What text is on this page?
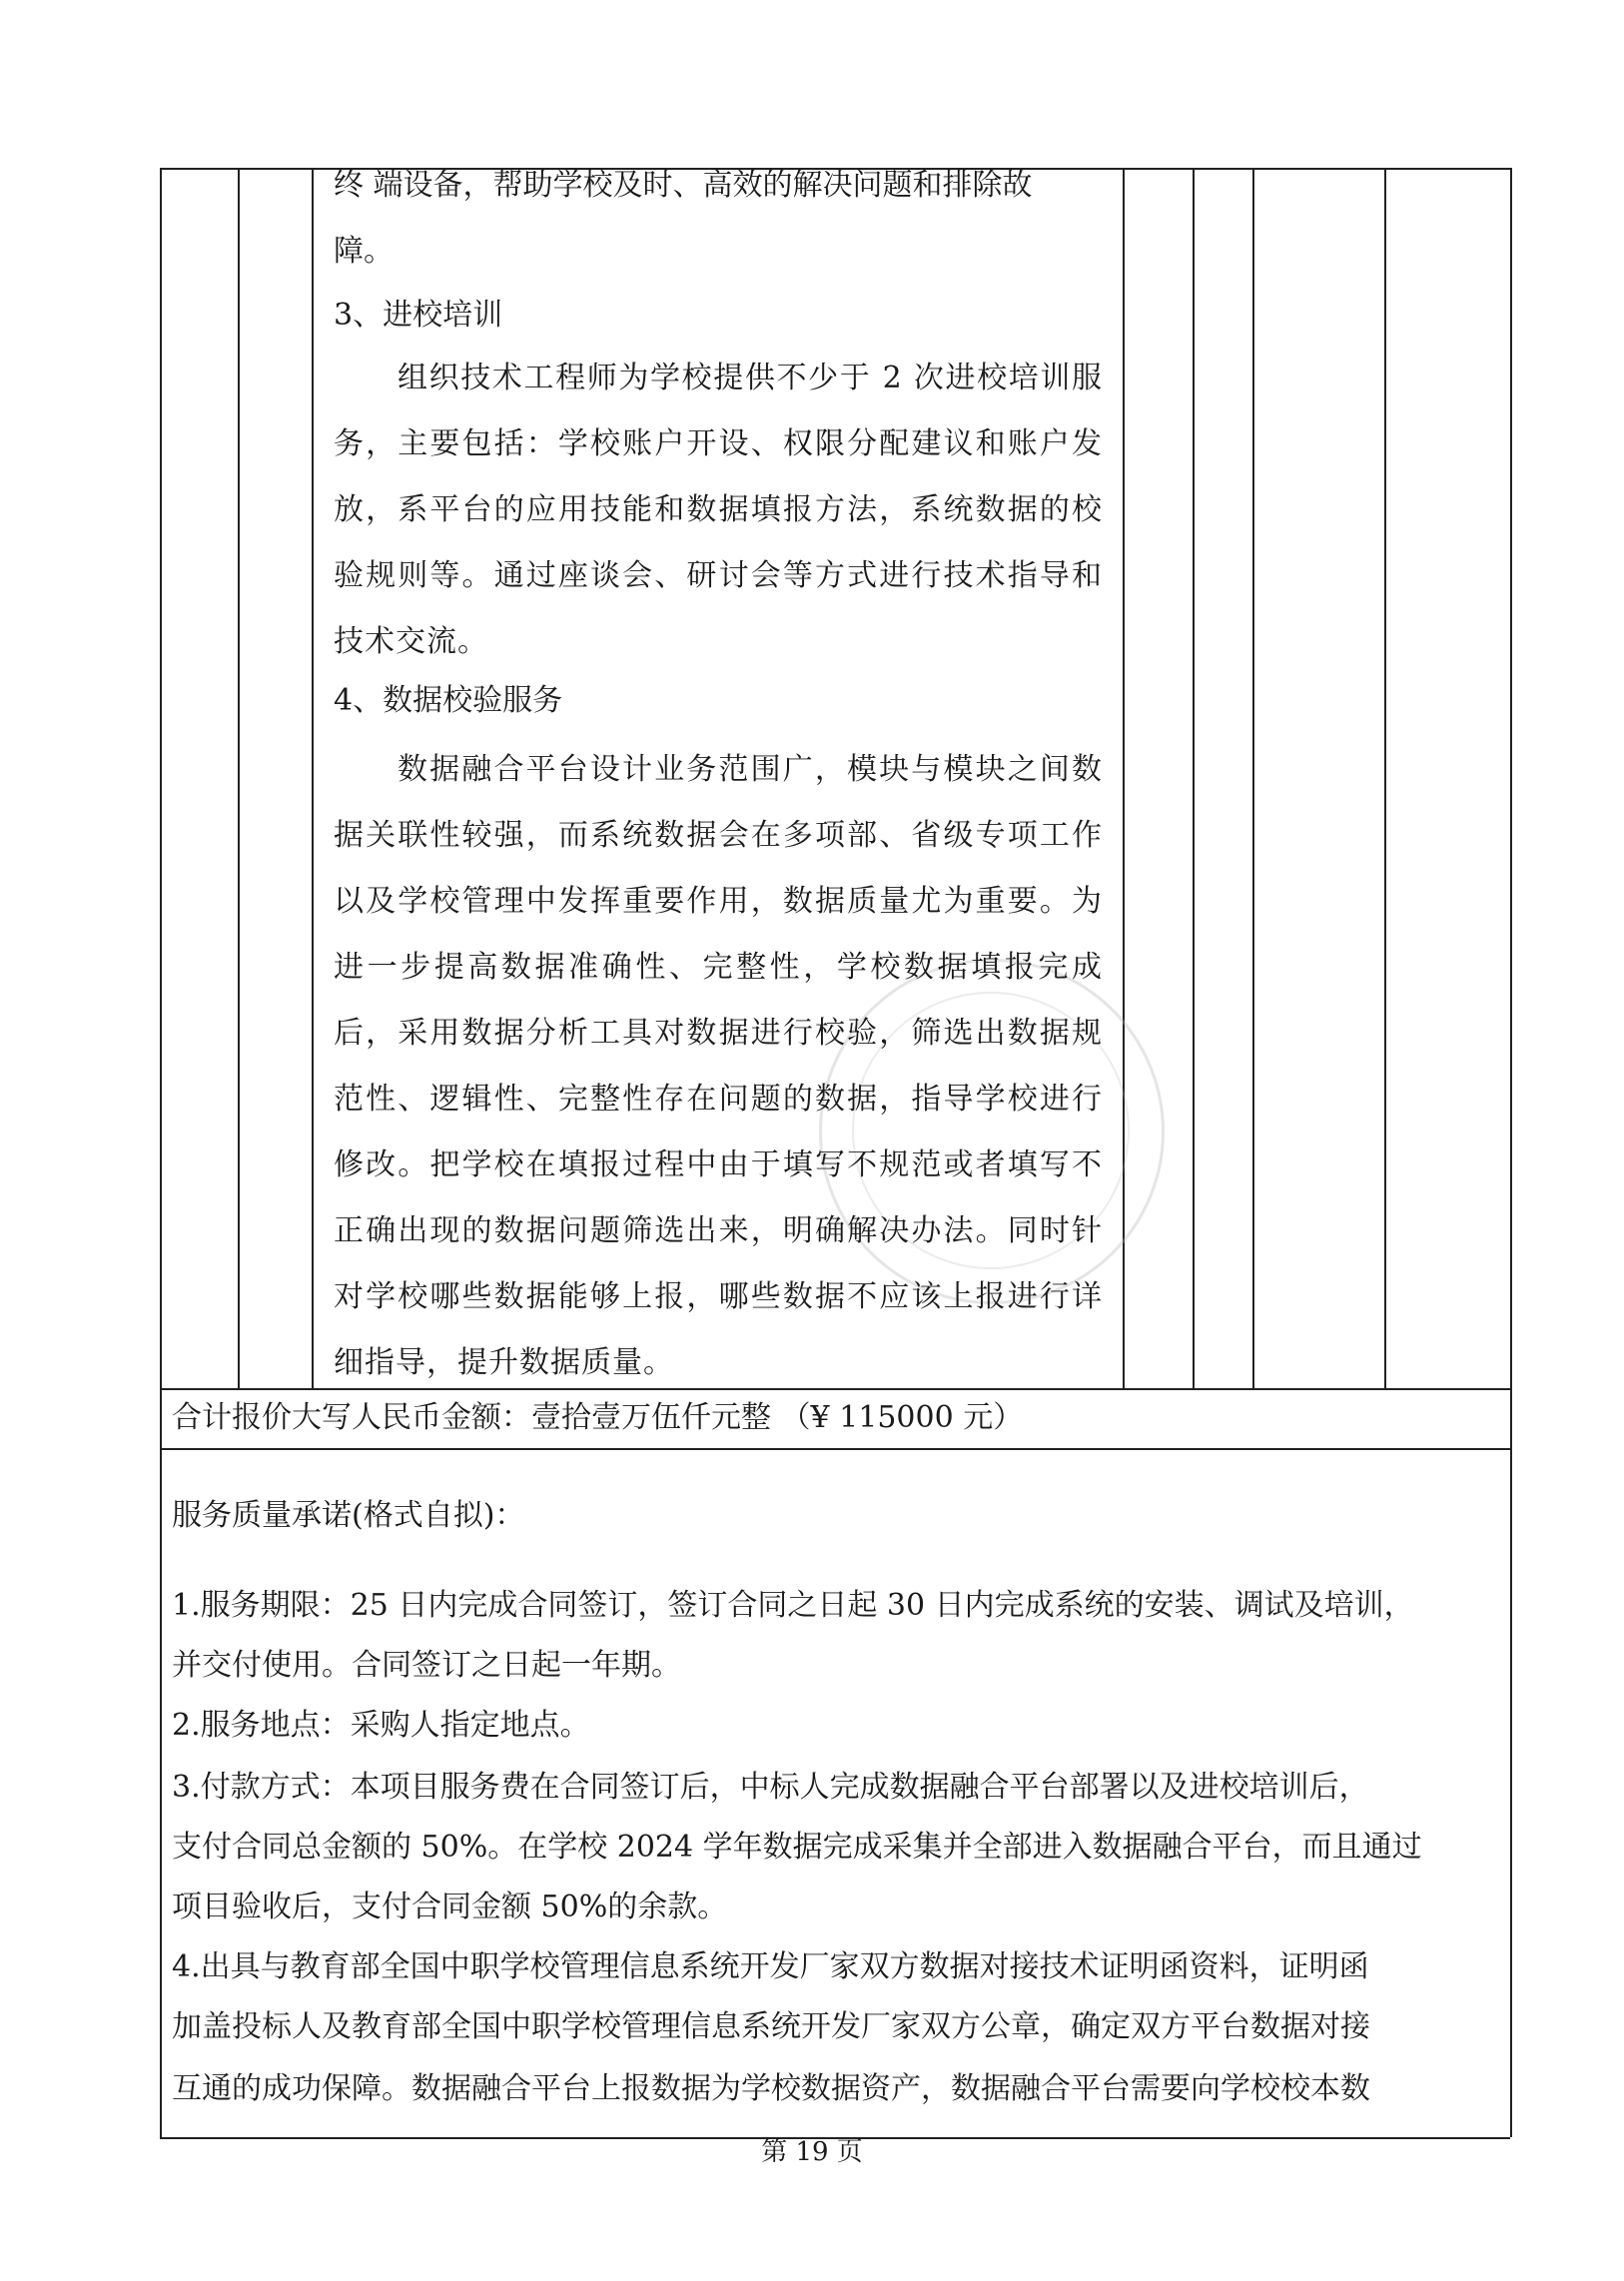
终 端设备，帮助学校及时、高效的解决问题和排除故

障。

3、进校培训

组织技术工程师为学校提供不少于 2 次进校培训服务，主要包括：学校账户开设、权限分配建议和账户发放，系平台的应用技能和数据填报方法，系统数据的校验规则等。通过座谈会、研讨会等方式进行技术指导和技术交流。

4、数据校验服务

数据融合平台设计业务范围广，模块与模块之间数据关联性较强，而系统数据会在多项部、省级专项工作以及学校管理中发挥重要作用，数据质量尤为重要。为进一步提高数据准确性、完整性，学校数据填报完成后，采用数据分析工具对数据进行校验，筛选出数据规范性、逻辑性、完整性存在问题的数据，指导学校进行修改。把学校在填报过程中由于填写不规范或者填写不正确出现的数据问题筛选出来，明确解决办法。同时针对学校哪些数据能够上报，哪些数据不应该上报进行详细指导，提升数据质量。

合计报价大写人民币金额：壹拾壹万伍仟元整 （¥ 115000 元）

服务质量承诺(格式自拟)：

1.服务期限：25 日内完成合同签订，签订合同之日起 30 日内完成系统的安装、调试及培训，

并交付使用。合同签订之日起一年期。

2.服务地点：采购人指定地点。

3.付款方式：本项目服务费在合同签订后，中标人完成数据融合平台部署以及进校培训后，

支付合同总金额的 50%。在学校 2024 学年数据完成采集并全部进入数据融合平台，而且通过

项目验收后，支付合同金额 50%的余款。

4.出具与教育部全国中职学校管理信息系统开发厂家双方数据对接技术证明函资料，证明函

加盖投标人及教育部全国中职学校管理信息系统开发厂家双方公章，确定双方平台数据对接

互通的成功保障。数据融合平台上报数据为学校数据资产，数据融合平台需要向学校校本数

第 19 页
